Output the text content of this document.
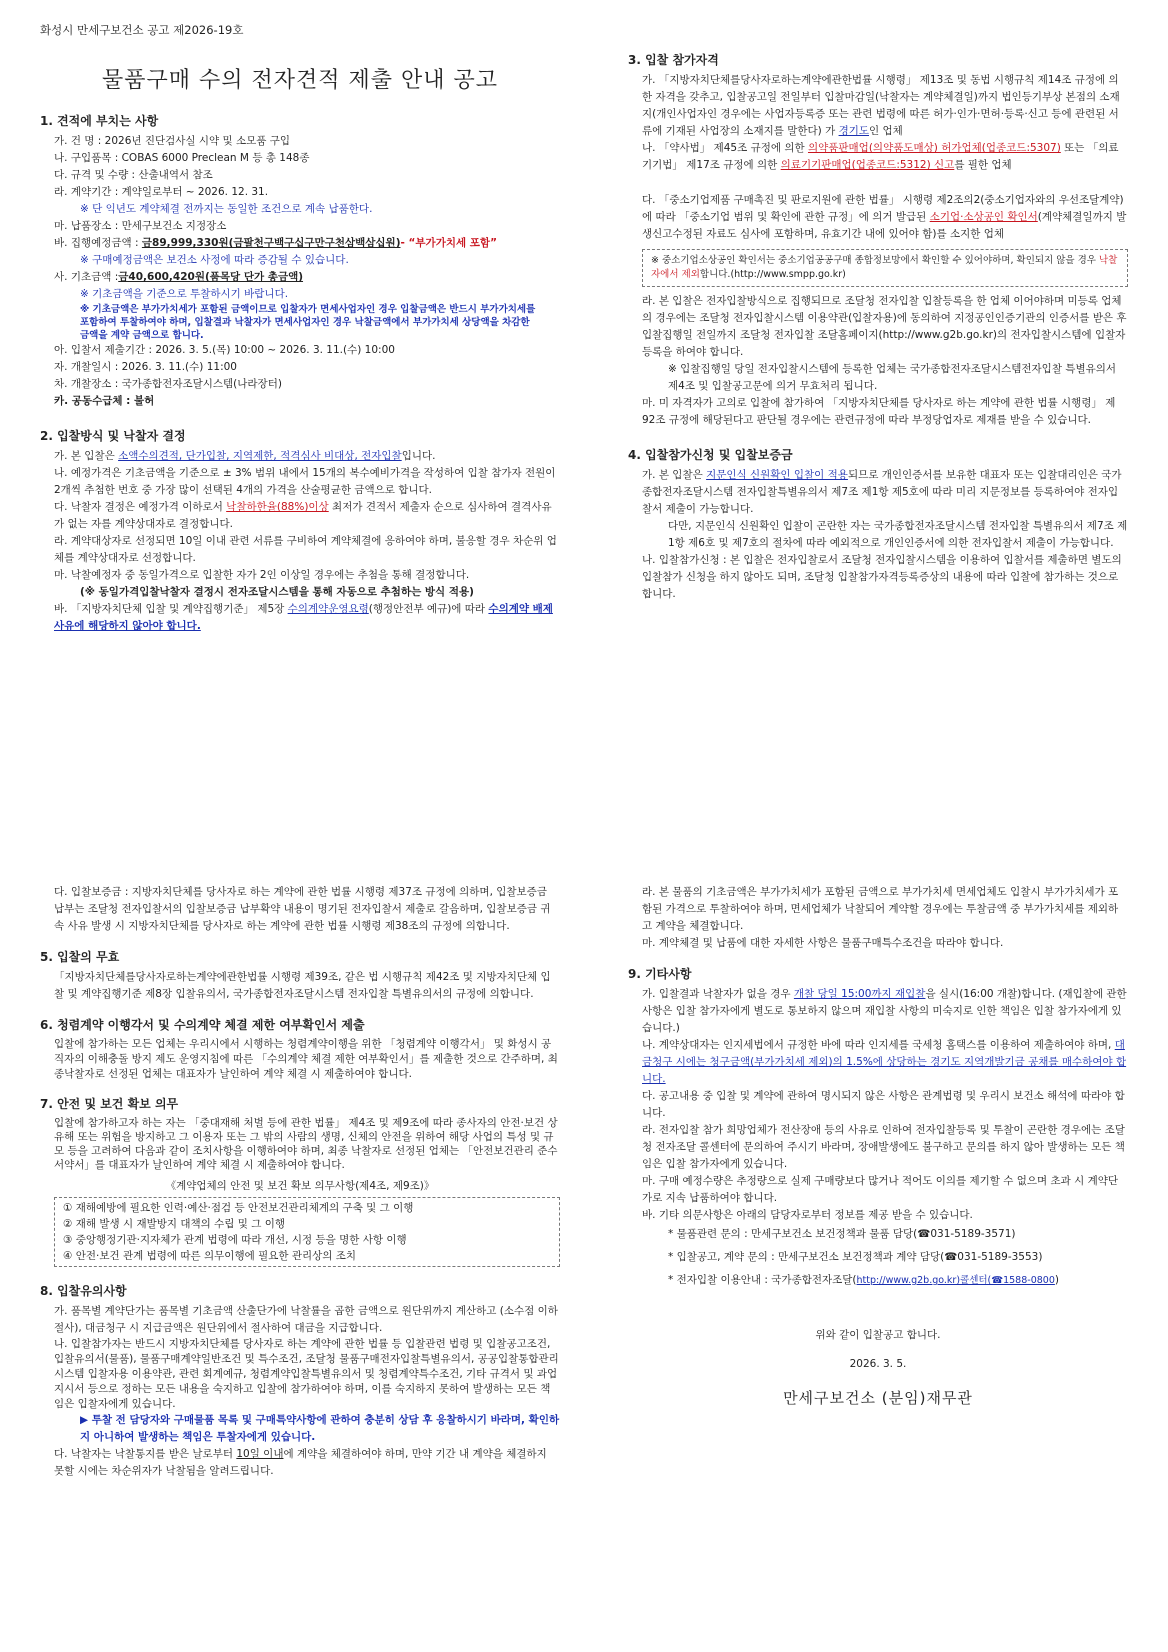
화성시 만세구보건소 공고 제2026-19호

물품구매 수의 전자견적 제출 안내 공고

1. 견적에 부치는 사항

가. 건 명 : 2026년 진단검사실 시약 및 소모품 구입

나. 구입품목 : COBAS 6000 Preclean M 등 총 148종

다. 규격 및 수량 : 산출내역서 참조

라. 계약기간 : 계약일로부터 ~ 2026. 12. 31.

※ 단 익년도 계약체결 전까지는 동일한 조건으로 계속 납품한다.

마. 납품장소 : 만세구보건소 지정장소

바. 집행예정금액 : 금89,999,330원(금팔천구백구십구만구천삼백삼십원)- “부가가치세 포함”

※ 구매예정금액은 보건소 사정에 따라 증감될 수 있습니다.

사. 기초금액 :금40,600,420원(품목당 단가 총금액)

※ 기초금액을 기준으로 투찰하시기 바랍니다.

※ 기초금액은 부가가치세가 포함된 금액이므로 입찰자가 면세사업자인 경우 입찰금액은 반드시 부가가치세를 포함하여 투찰하여야 하며, 입찰결과 낙찰자가 면세사업자인 경우 낙찰금액에서 부가가치세 상당액을 차감한 금액을 계약 금액으로 합니다.

아. 입찰서 제출기간 : 2026. 3. 5.(목) 10:00 ~ 2026. 3. 11.(수) 10:00

자. 개찰일시 : 2026. 3. 11.(수) 11:00

차. 개찰장소 : 국가종합전자조달시스템(나라장터)

카. 공동수급체 : 불허

2. 입찰방식 및 낙찰자 결정

가. 본 입찰은 소액수의견적, 단가입찰, 지역제한, 적격심사 비대상, 전자입찰입니다.

나. 예정가격은 기초금액을 기준으로 ± 3% 범위 내에서 15개의 복수예비가격을 작성하여 입찰 참가자 전원이 2개씩 추첨한 번호 중 가장 많이 선택된 4개의 가격을 산술평균한 금액으로 합니다.

다. 낙찰자 결정은 예정가격 이하로서 낙찰하한율(88%)이상 최저가 견적서 제출자 순으로 심사하여 결격사유가 없는 자를 계약상대자로 결정합니다.

라. 계약대상자로 선정되면 10일 이내 관련 서류를 구비하여 계약체결에 응하여야 하며, 불응할 경우 차순위 업체를 계약상대자로 선정합니다.

마. 낙찰예정자 중 동일가격으로 입찰한 자가 2인 이상일 경우에는 추첨을 통해 결정합니다.

(※ 동일가격입찰낙찰자 결정시 전자조달시스템을 통해 자동으로 추첨하는 방식 적용)

바. 「지방자치단체 입찰 및 계약집행기준」 제5장 수의계약운영요령(행정안전부 예규)에 따라 수의계약 배제사유에 해당하지 않아야 합니다.

3. 입찰 참가자격

가. 「지방자치단체를당사자로하는계약에관한법률 시행령」 제13조 및 동법 시행규칙 제14조 규정에 의한 자격을 갖추고, 입찰공고일 전일부터 입찰마감일(낙찰자는 계약체결일)까지 법인등기부상 본점의 소재지(개인사업자인 경우에는 사업자등록증 또는 관련 법령에 따른 허가·인가·면허·등록·신고 등에 관련된 서류에 기재된 사업장의 소재지를 말한다) 가 경기도인 업체

나. 「약사법」 제45조 규정에 의한 의약품판매업(의약품도매상) 허가업체(업종코드:5307) 또는 「의료기기법」 제17조 규정에 의한 의료기기판매업(업종코드:5312) 신고를 필한 업체

다. 「중소기업제품 구매촉진 및 판로지원에 관한 법률」 시행령 제2조의2(중소기업자와의 우선조달계약)에 따라 「중소기업 범위 및 확인에 관한 규정」에 의거 발급된 소기업·소상공인 확인서(계약체결일까지 발생신고수정된 자료도 심사에 포함하며, 유효기간 내에 있어야 함)를 소지한 업체

※ 중소기업소상공인 확인서는 중소기업공공구매 종합정보망에서 확인할 수 있어야하며, 확인되지 않을 경우 낙찰자에서 제외합니다.(http://www.smpp.go.kr)

라. 본 입찰은 전자입찰방식으로 집행되므로 조달청 전자입찰 입찰등록을 한 업체 이어야하며 미등록 업체의 경우에는 조달청 전자입찰시스템 이용약관(입찰자용)에 동의하여 지정공인인증기관의 인증서를 받은 후 입찰집행일 전일까지 조달청 전자입찰 조달홈페이지(http://www.g2b.go.kr)의 전자입찰시스템에 입찰자 등록을 하여야 합니다.

※ 입찰집행일 당일 전자입찰시스템에 등록한 업체는 국가종합전자조달시스템전자입찰 특별유의서 제4조 및 입찰공고문에 의거 무효처리 됩니다.

마. 미 자격자가 고의로 입찰에 참가하여 「지방자치단체를 당사자로 하는 계약에 관한 법률 시행령」 제92조 규정에 해당된다고 판단될 경우에는 관련규정에 따라 부정당업자로 제재를 받을 수 있습니다.

4. 입찰참가신청 및 입찰보증금

가. 본 입찰은 지문인식 신원확인 입찰이 적용되므로 개인인증서를 보유한 대표자 또는 입찰대리인은 국가종합전자조달시스템 전자입찰특별유의서 제7조 제1항 제5호에 따라 미리 지문정보를 등록하여야 전자입찰서 제출이 가능합니다.

다만, 지문인식 신원확인 입찰이 곤란한 자는 국가종합전자조달시스템 전자입찰 특별유의서 제7조 제1항 제6호 및 제7호의 절차에 따라 예외적으로 개인인증서에 의한 전자입찰서 제출이 가능합니다.

나. 입찰참가신청 : 본 입찰은 전자입찰로서 조달청 전자입찰시스템을 이용하여 입찰서를 제출하면 별도의 입찰참가 신청을 하지 않아도 되며, 조달청 입찰참가자격등록증상의 내용에 따라 입찰에 참가하는 것으로 합니다.

다. 입찰보증금 : 지방자치단체를 당사자로 하는 계약에 관한 법률 시행령 제37조 규정에 의하며, 입찰보증금 납부는 조달청 전자입찰서의 입찰보증금 납부확약 내용이 명기된 전자입찰서 제출로 갈음하며, 입찰보증금 귀속 사유 발생 시 지방자치단체를 당사자로 하는 계약에 관한 법률 시행령 제38조의 규정에 의합니다.

5. 입찰의 무효

「지방자치단체를당사자로하는계약에관한법률 시행령 제39조, 같은 법 시행규칙 제42조 및 지방자치단체 입찰 및 계약집행기준 제8장 입찰유의서, 국가종합전자조달시스템 전자입찰 특별유의서의 규정에 의합니다.

6. 청렴계약 이행각서 및 수의계약 체결 제한 여부확인서 제출

입찰에 참가하는 모든 업체는 우리시에서 시행하는 청렴계약이행을 위한 「청렴계약 이행각서」 및 화성시 공직자의 이해충돌 방지 제도 운영지침에 따른 「수의계약 체결 제한 여부확인서」를 제출한 것으로 간주하며, 최종낙찰자로 선정된 업체는 대표자가 날인하여 계약 체결 시 제출하여야 합니다.

7. 안전 및 보건 확보 의무

입찰에 참가하고자 하는 자는 「중대재해 처벌 등에 관한 법률」 제4조 및 제9조에 따라 종사자의 안전·보건 상 유해 또는 위험을 방지하고 그 이용자 또는 그 밖의 사람의 생명, 신체의 안전을 위하여 해당 사업의 특성 및 규모 등을 고려하여 다음과 같이 조치사항을 이행하여야 하며, 최종 낙찰자로 선정된 업체는 「안전보건관리 준수 서약서」를 대표자가 날인하여 계약 체결 시 제출하여야 합니다.

《계약업체의 안전 및 보건 확보 의무사항(제4조, 제9조)》

① 재해예방에 필요한 인력·예산·점검 등 안전보건관리체계의 구축 및 그 이행

② 재해 발생 시 재발방지 대책의 수립 및 그 이행

③ 중앙행정기관·지자체가 관계 법령에 따라 개선, 시정 등을 명한 사항 이행

④ 안전·보건 관계 법령에 따른 의무이행에 필요한 관리상의 조치

8. 입찰유의사항

가. 품목별 계약단가는 품목별 기초금액 산출단가에 낙찰률을 곱한 금액으로 원단위까지 계산하고 (소수점 이하 절사), 대금청구 시 지급금액은 원단위에서 절사하여 대금을 지급합니다.

나. 입찰참가자는 반드시 지방자치단체를 당사자로 하는 계약에 관한 법률 등 입찰관련 법령 및 입찰공고조건, 입찰유의서(물품), 물품구매계약일반조건 및 특수조건, 조달청 물품구매전자입찰특별유의서, 공공입찰통합관리시스템 입찰자용 이용약관, 관련 회계예규, 청렴계약입찰특별유의서 및 청렴계약특수조건, 기타 규격서 및 과업지시서 등으로 정하는 모든 내용을 숙지하고 입찰에 참가하여야 하며, 이를 숙지하지 못하여 발생하는 모든 책임은 입찰자에게 있습니다.

▶ 투찰 전 담당자와 구매물품 목록 및 구매특약사항에 관하여 충분히 상담 후 응찰하시기 바라며, 확인하지 아니하여 발생하는 책임은 투찰자에게 있습니다.

다. 낙찰자는 낙찰통지를 받은 날로부터 10일 이내에 계약을 체결하여야 하며, 만약 기간 내 계약을 체결하지 못할 시에는 차순위자가 낙찰됨을 알려드립니다.

라. 본 물품의 기초금액은 부가가치세가 포함된 금액으로 부가가치세 면세업체도 입찰시 부가가치세가 포함된 가격으로 투찰하여야 하며, 면세업체가 낙찰되어 계약할 경우에는 투찰금액 중 부가가치세를 제외하고 계약을 체결합니다.

마. 계약체결 및 납품에 대한 자세한 사항은 물품구매특수조건을 따라야 합니다.

9. 기타사항

가. 입찰결과 낙찰자가 없을 경우 개찰 당일 15:00까지 재입찰을 실시(16:00 개찰)합니다. (재입찰에 관한 사항은 입찰 참가자에게 별도로 통보하지 않으며 재입찰 사항의 미숙지로 인한 책임은 입찰 참가자에게 있습니다.)

나. 계약상대자는 인지세법에서 규정한 바에 따라 인지세를 국세청 홈택스를 이용하여 제출하여야 하며, 대금청구 시에는 청구금액(부가가치세 제외)의 1.5%에 상당하는 경기도 지역개발기금 공채를 매수하여야 합니다.

다. 공고내용 중 입찰 및 계약에 관하여 명시되지 않은 사항은 관계법령 및 우리시 보건소 해석에 따라야 합니다.

라. 전자입찰 참가 희망업체가 전산장애 등의 사유로 인하여 전자입찰등록 및 투찰이 곤란한 경우에는 조달청 전자조달 콜센터에 문의하여 주시기 바라며, 장애발생에도 불구하고 문의를 하지 않아 발생하는 모든 책임은 입찰 참가자에게 있습니다.

마. 구매 예정수량은 추정량으로 실제 구매량보다 많거나 적어도 이의를 제기할 수 없으며 초과 시 계약단가로 지속 납품하여야 합니다.

바. 기타 의문사항은 아래의 담당자로부터 정보를 제공 받을 수 있습니다.

* 물품관련 문의 : 만세구보건소 보건정책과 물품 담당(☎031-5189-3571)

* 입찰공고, 계약 문의 : 만세구보건소 보건정책과 계약 담당(☎031-5189-3553)

* 전자입찰 이용안내 : 국가종합전자조달(http://www.g2b.go.kr)콜센터(☎1588-0800)

위와 같이 입찰공고 합니다.

2026. 3. 5.

만세구보건소 (분임)재무관
